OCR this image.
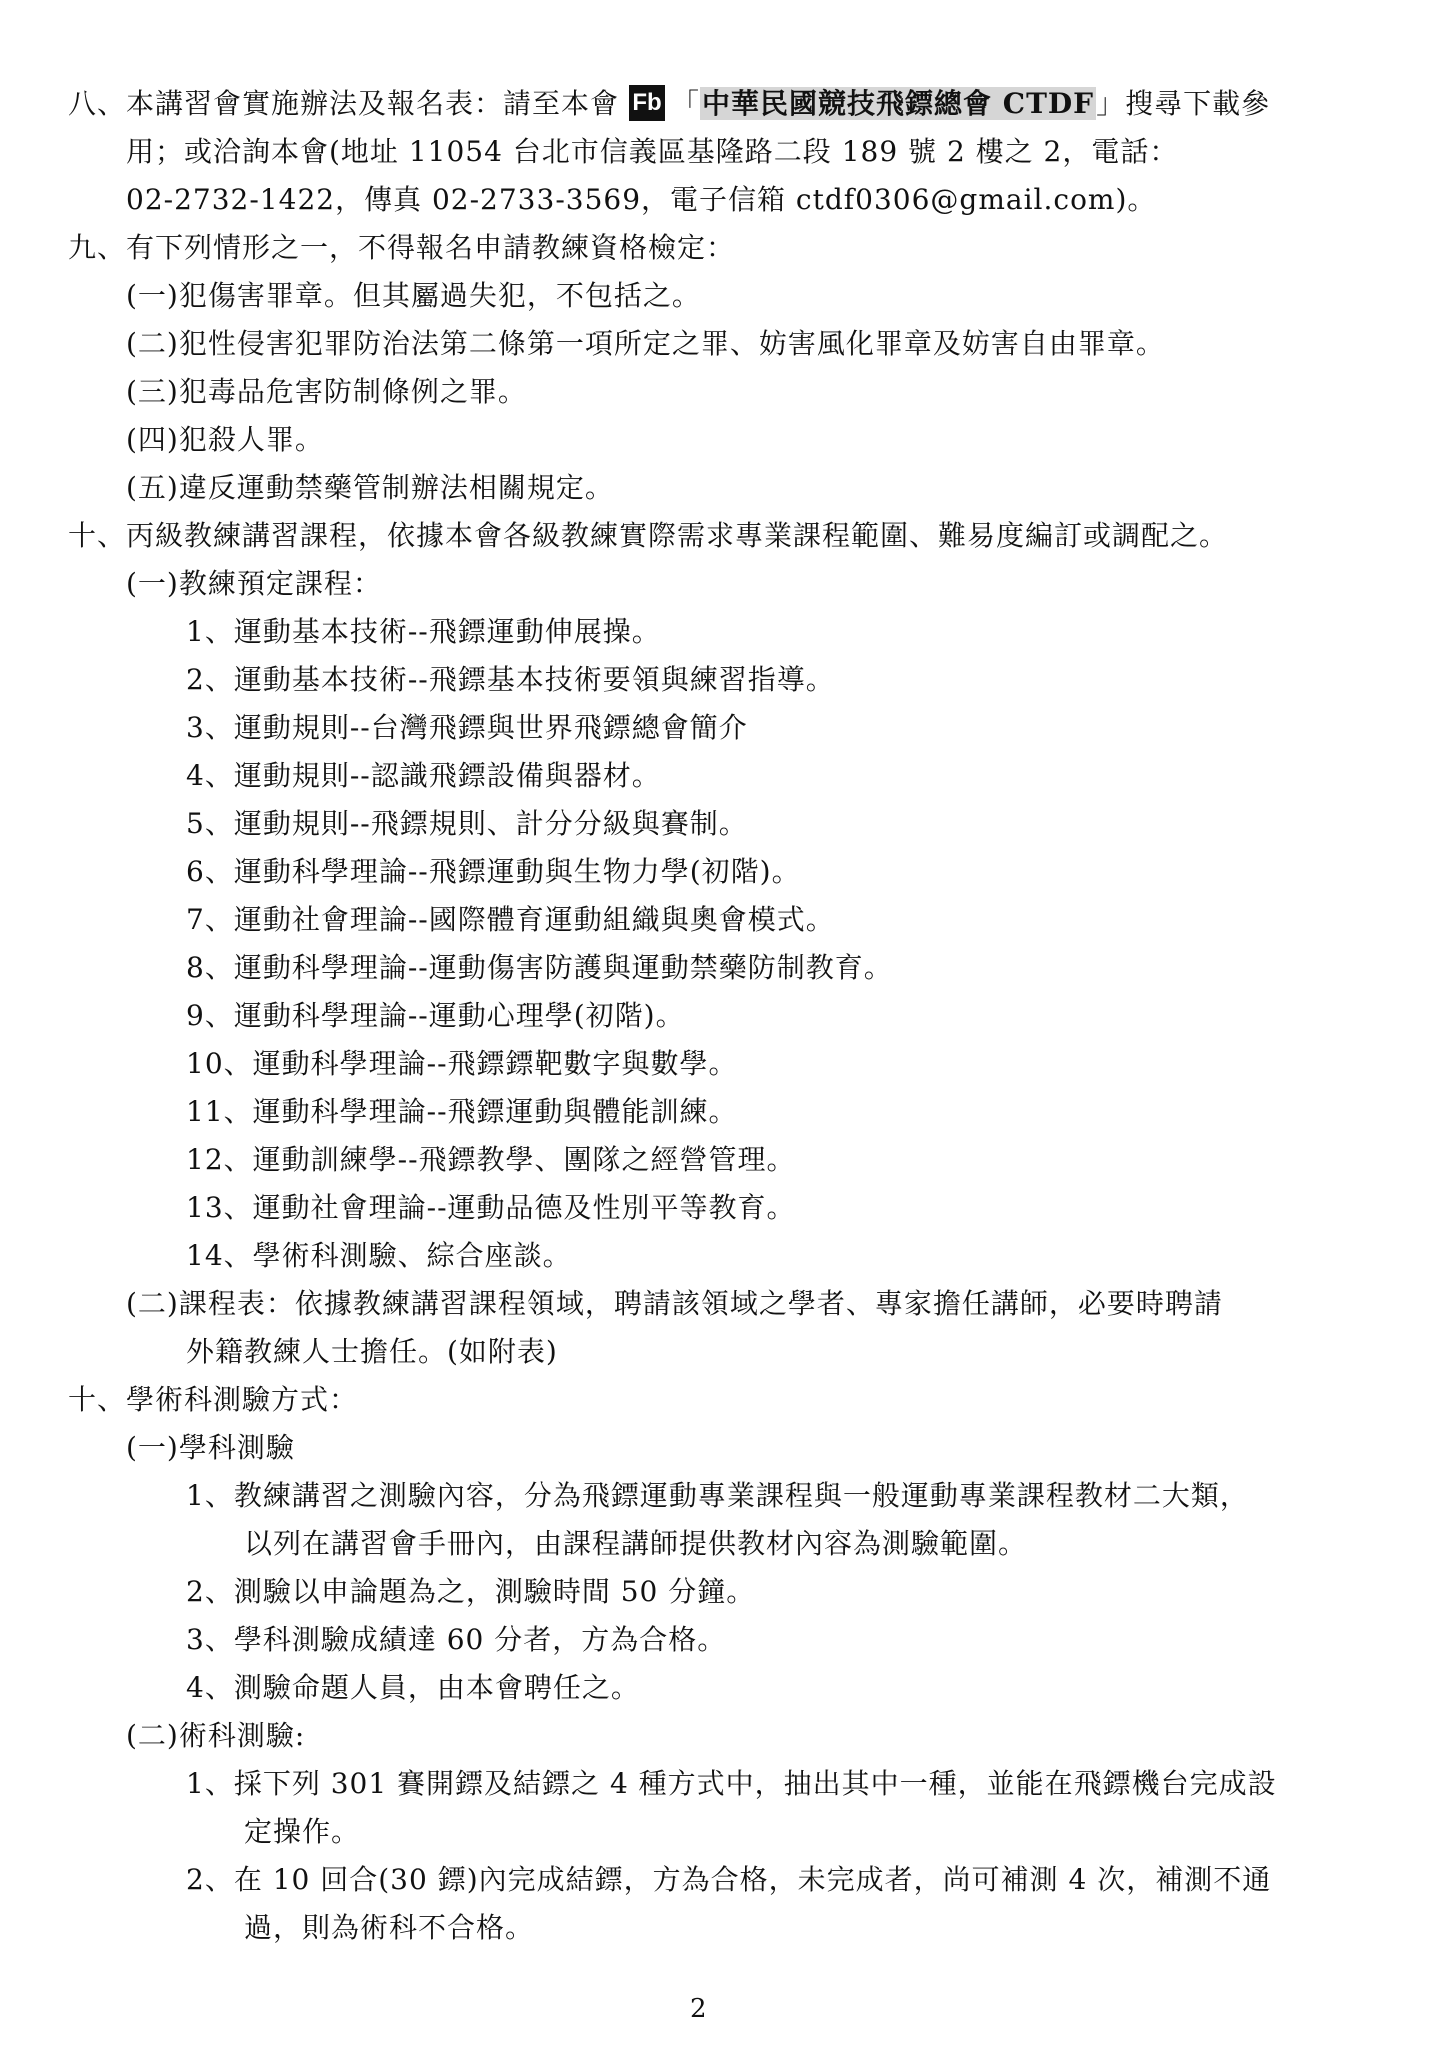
八、本講習會實施辦法及報名表：請至本會 Fb 「中華民國競技飛鏢總會 CTDF」搜尋下載參
用；或洽詢本會(地址 11054 台北市信義區基隆路二段 189 號 2 樓之 2，電話：
02-2732-1422，傳真 02-2733-3569，電子信箱 ctdf0306@gmail.com)。
九、有下列情形之一，不得報名申請教練資格檢定：
(一)犯傷害罪章。但其屬過失犯，不包括之。
(二)犯性侵害犯罪防治法第二條第一項所定之罪、妨害風化罪章及妨害自由罪章。
(三)犯毒品危害防制條例之罪。
(四)犯殺人罪。
(五)違反運動禁藥管制辦法相關規定。
十、丙級教練講習課程，依據本會各級教練實際需求專業課程範圍、難易度編訂或調配之。
(一)教練預定課程：
1、運動基本技術--飛鏢運動伸展操。
2、運動基本技術--飛鏢基本技術要領與練習指導。
3、運動規則--台灣飛鏢與世界飛鏢總會簡介
4、運動規則--認識飛鏢設備與器材。
5、運動規則--飛鏢規則、計分分級與賽制。
6、運動科學理論--飛鏢運動與生物力學(初階)。
7、運動社會理論--國際體育運動組織與奧會模式。
8、運動科學理論--運動傷害防護與運動禁藥防制教育。
9、運動科學理論--運動心理學(初階)。
10、運動科學理論--飛鏢鏢靶數字與數學。
11、運動科學理論--飛鏢運動與體能訓練。
12、運動訓練學--飛鏢教學、團隊之經營管理。
13、運動社會理論--運動品德及性別平等教育。
14、學術科測驗、綜合座談。
(二)課程表：依據教練講習課程領域，聘請該領域之學者、專家擔任講師，必要時聘請
外籍教練人士擔任。(如附表)
十、學術科測驗方式：
(一)學科測驗
1、教練講習之測驗內容，分為飛鏢運動專業課程與一般運動專業課程教材二大類，
以列在講習會手冊內，由課程講師提供教材內容為測驗範圍。
2、測驗以申論題為之，測驗時間 50 分鐘。
3、學科測驗成績達 60 分者，方為合格。
4、測驗命題人員，由本會聘任之。
(二)術科測驗:
1、採下列 301 賽開鏢及結鏢之 4 種方式中，抽出其中一種，並能在飛鏢機台完成設
定操作。
2、在 10 回合(30 鏢)內完成結鏢，方為合格，未完成者，尚可補測 4 次，補測不通
過，則為術科不合格。
2
